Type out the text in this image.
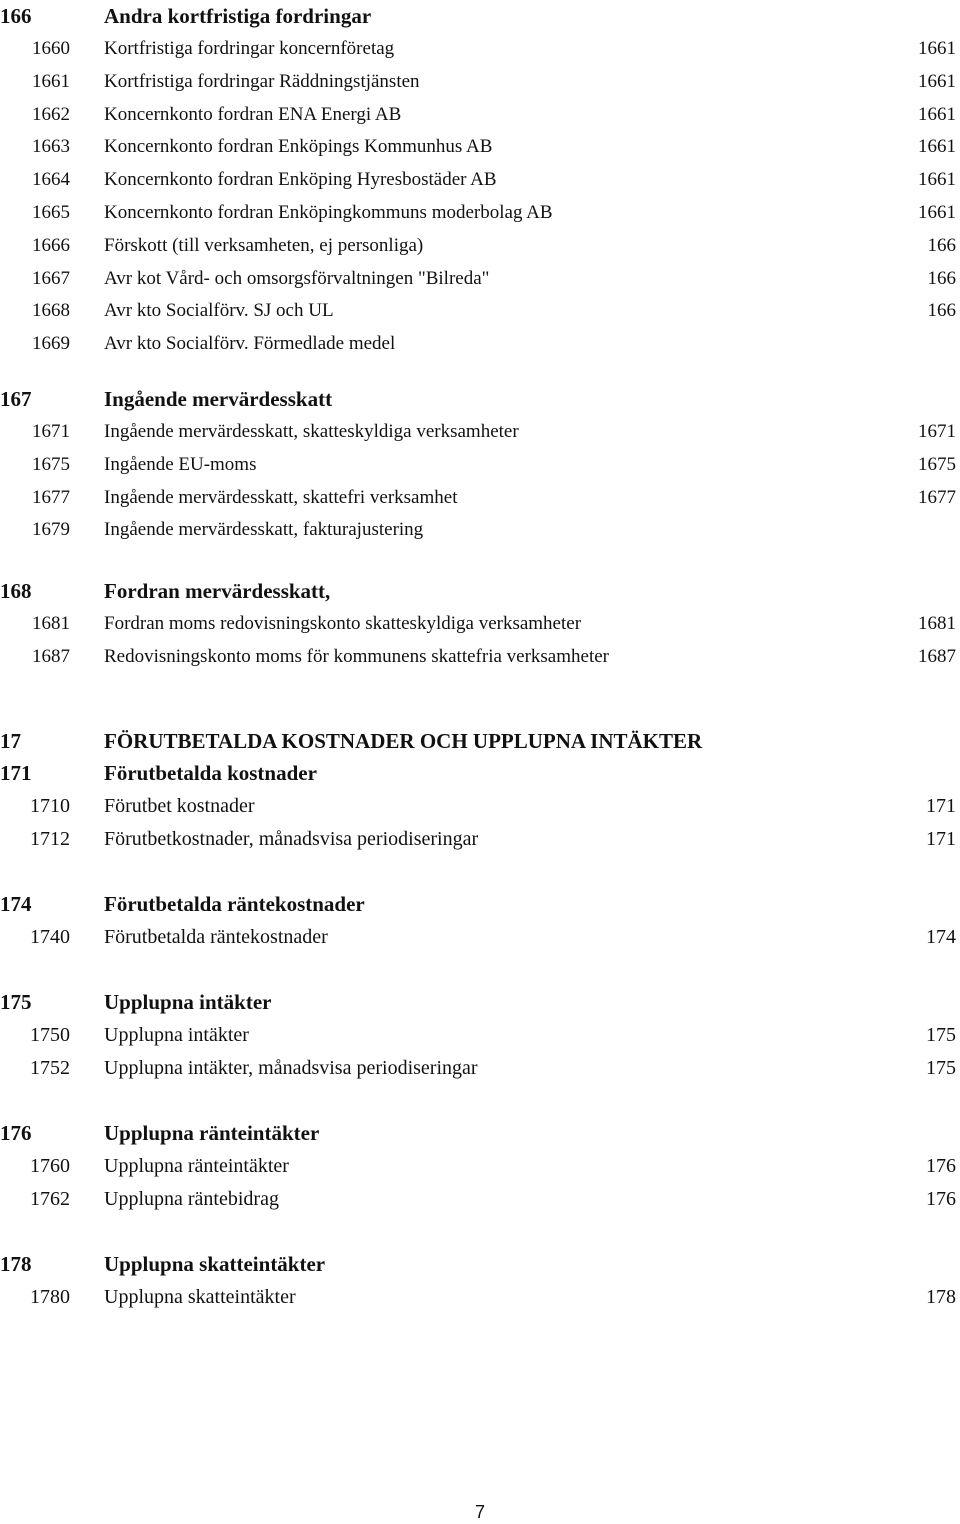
166	Andra kortfristiga fordringar
1660 Kortfristiga fordringar koncernföretag	1661
1661 Kortfristiga fordringar Räddningstjänsten	1661
1662 Koncernkonto fordran ENA Energi AB	1661
1663 Koncernkonto fordran Enköpings Kommunhus AB	1661
1664 Koncernkonto fordran Enköping Hyresbostäder AB	1661
1665 Koncernkonto fordran Enköpingkommuns moderbolag AB	1661
1666 Förskott (till verksamheten, ej personliga)	166
1667 Avr kot Vård- och omsorgsförvaltningen "Bilreda"	166
1668 Avr kto Socialförv. SJ och UL	166
1669 Avr kto Socialförv. Förmedlade medel
167	Ingående mervärdesskatt
1671 Ingående mervärdesskatt, skatteskyldiga verksamheter	1671
1675 Ingående EU-moms	1675
1677 Ingående mervärdesskatt, skattefri verksamhet	1677
1679 Ingående mervärdesskatt, fakturajustering
168	Fordran mervärdesskatt,
1681 Fordran moms redovisningskonto skatteskyldiga verksamheter	1681
1687 Redovisningskonto moms för kommunens skattefria verksamheter	1687
17	FÖRUTBETALDA KOSTNADER OCH UPPLUPNA INTÄKTER
171	Förutbetalda kostnader
1710 Förutbet kostnader	171
1712 Förutbetkostnader, månadsvisa periodiseringar	171
174	Förutbetalda räntekostnader
1740 Förutbetalda räntekostnader	174
175	Upplupna intäkter
1750 Upplupna intäkter	175
1752 Upplupna intäkter, månadsvisa periodiseringar	175
176	Upplupna ränteintäkter
1760 Upplupna ränteintäkter	176
1762 Upplupna räntebidrag	176
178	Upplupna skatteintäkter
1780 Upplupna skatteintäkter	178
7
